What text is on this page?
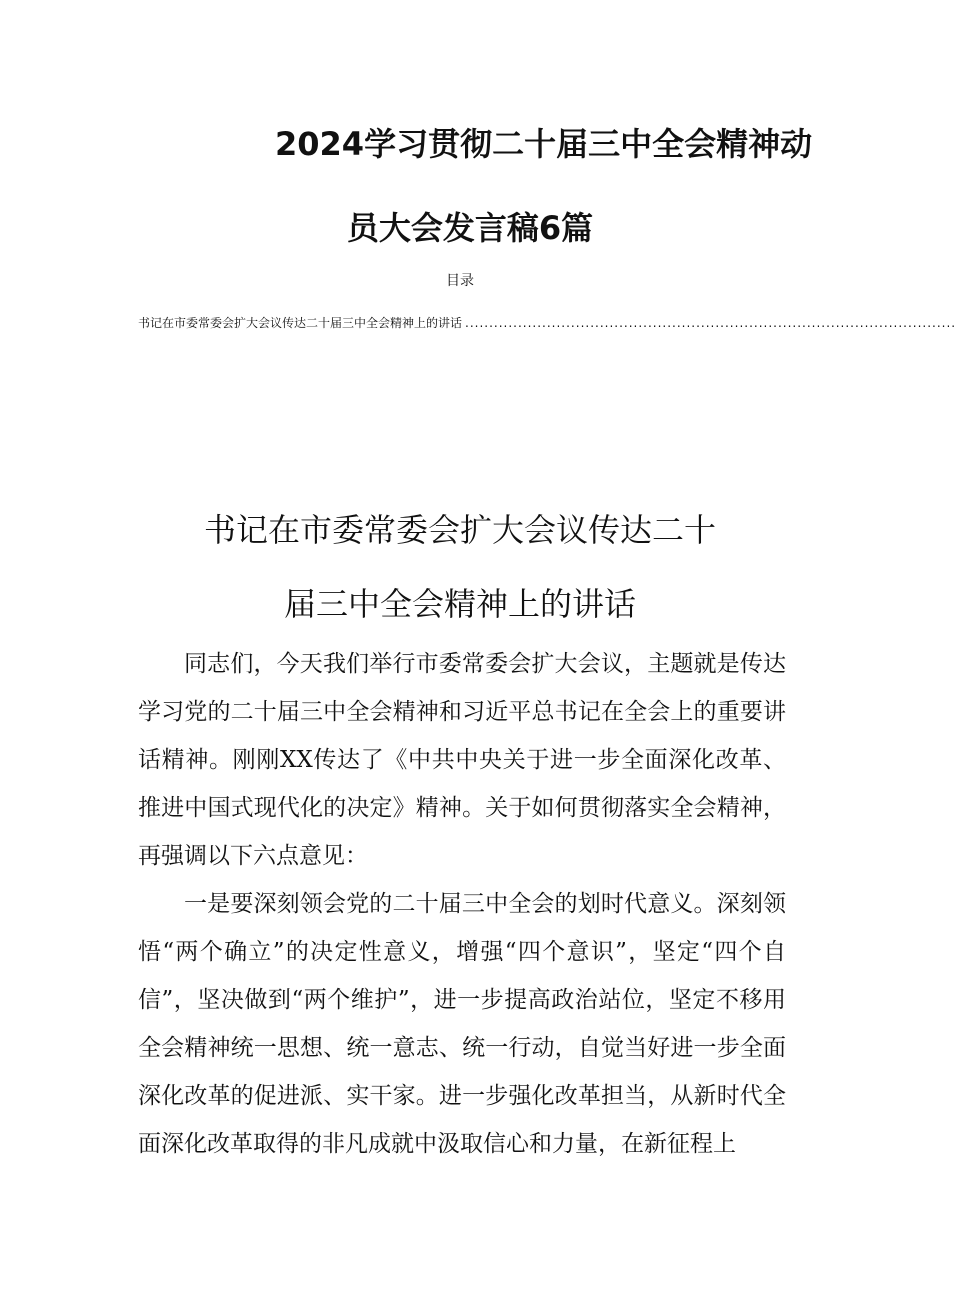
2024学习贯彻二十届三中全会精神动
员大会发言稿6篇
目录
书记在市委常委会扩大会议传达二十届三中全会精神上的讲话 ......................................................................................................
书记在市委常委会扩大会议传达二十
届三中全会精神上的讲话

同志们，今天我们举行市委常委会扩大会议，主题就是传达学习党的二十届三中全会精神和习近平总书记在全会上的重要讲话精神。刚刚XX传达了《中共中央关于进一步全面深化改革、推进中国式现代化的决定》精神。关于如何贯彻落实全会精神，再强调以下六点意见：

一是要深刻领会党的二十届三中全会的划时代意义。深刻领悟“两个确立”的决定性意义，增强“四个意识”，坚定“四个自信”，坚决做到“两个维护”，进一步提高政治站位，坚定不移用全会精神统一思想、统一意志、统一行动，自觉当好进一步全面深化改革的促进派、实干家。进一步强化改革担当，从新时代全面深化改革取得的非凡成就中汲取信心和力量，在新征程上
